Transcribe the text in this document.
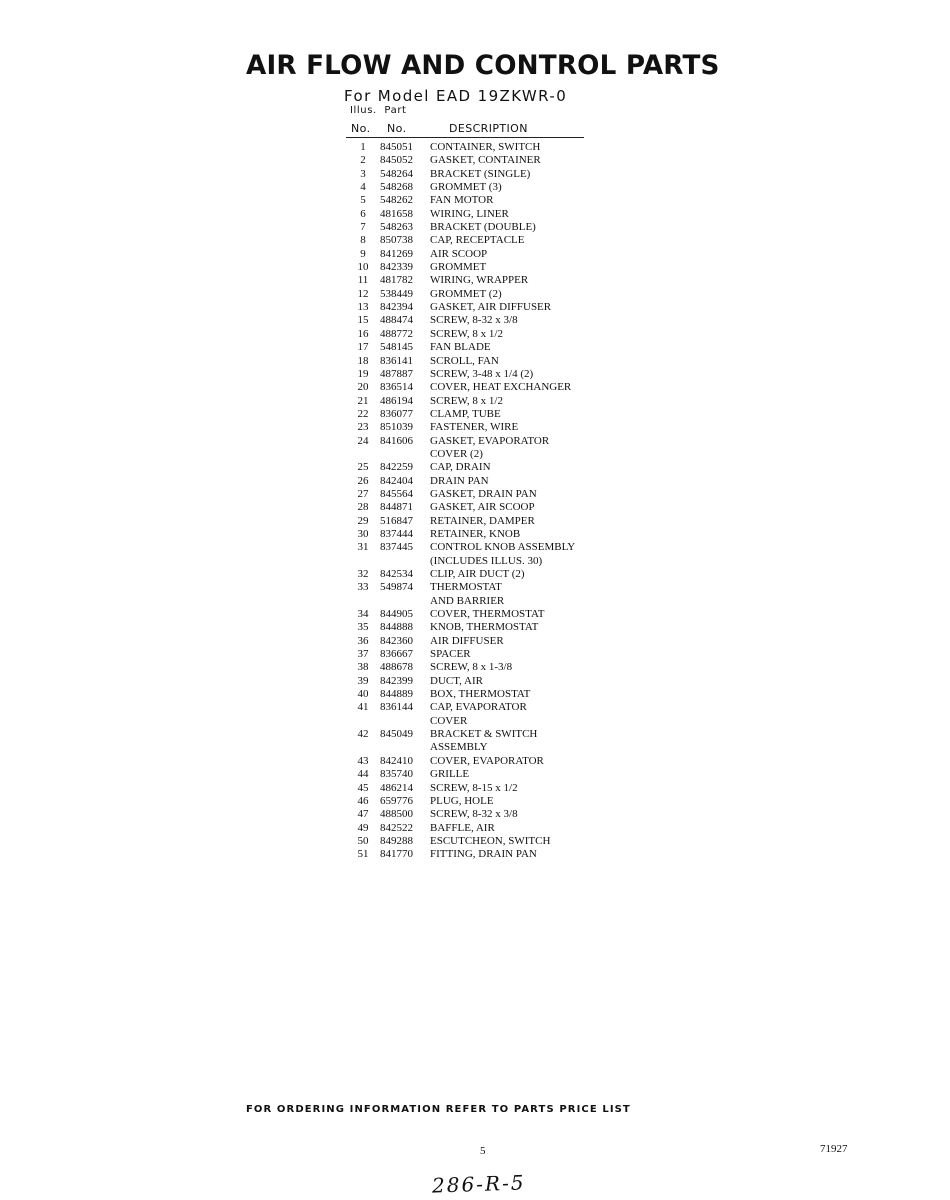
AIR FLOW AND CONTROL PARTS
For Model EAD 19ZKWR-0
Illus. Part
No. No.	DESCRIPTION
1	845051	CONTAINER, SWITCH
2	845052	GASKET, CONTAINER
3	548264	BRACKET (SINGLE)
4	548268	GROMMET (3)
5	548262	FAN MOTOR
6	481658	WIRING, LINER
7	548263	BRACKET (DOUBLE)
8	850738	CAP, RECEPTACLE
9	841269	AIR SCOOP
10	842339	GROMMET
11	481782	WIRING, WRAPPER
12	538449	GROMMET (2)
13	842394	GASKET, AIR DIFFUSER
15	488474	SCREW, 8-32 x 3/8
16	488772	SCREW, 8 x 1/2
17	548145	FAN BLADE
18	836141	SCROLL, FAN
19	487887	SCREW, 3-48 x 1/4 (2)
20	836514	COVER, HEAT EXCHANGER
21	486194	SCREW, 8 x 1/2
22	836077	CLAMP, TUBE
23	851039	FASTENER, WIRE
24	841606	GASKET, EVAPORATOR
COVER (2)
25	842259	CAP, DRAIN
26	842404	DRAIN PAN
27	845564	GASKET, DRAIN PAN
28	844871	GASKET, AIR SCOOP
29	516847	RETAINER, DAMPER
30	837444	RETAINER, KNOB
31	837445	CONTROL KNOB ASSEMBLY
(INCLUDES ILLUS. 30)
32	842534	CLIP, AIR DUCT (2)
33	549874	THERMOSTAT
AND BARRIER
34	844905	COVER, THERMOSTAT
35	844888	KNOB, THERMOSTAT
36	842360	AIR DIFFUSER
37	836667	SPACER
38	488678	SCREW, 8 x 1-3/8
39	842399	DUCT, AIR
40	844889	BOX, THERMOSTAT
41	836144	CAP, EVAPORATOR
COVER
42	845049	BRACKET & SWITCH
ASSEMBLY
43	842410	COVER, EVAPORATOR
44	835740	GRILLE
45	486214	SCREW, 8-15 x 1/2
46	659776	PLUG, HOLE
47	488500	SCREW, 8-32 x 3/8
49	842522	BAFFLE, AIR
50	849288	ESCUTCHEON, SWITCH
51	841770	FITTING, DRAIN PAN
FOR ORDERING INFORMATION REFER TO PARTS PRICE LIST
5	71927
286-R-5
